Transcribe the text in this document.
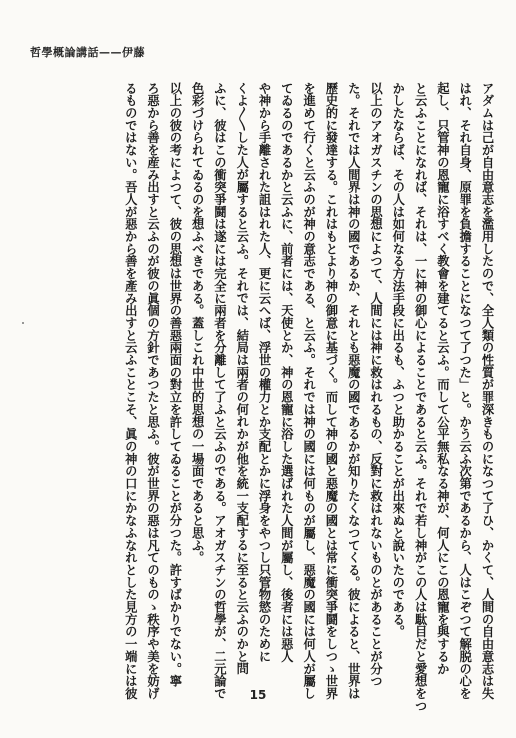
哲學概論講話——伊藤
アダムは己が自由意志を濫用したので、全人類の性質が罪深きものになつて了ひ、かくて、人間の自由意志は失
はれ、それ自身、原罪を負擔することになつて了つた」と。かう云ふ次第であるから、人はこぞつて解脱の心を
起し、只管神の恩寵に浴すべく教會を建てると云ふ。而して公平無私なる神が、何人にこの恩寵を與するか
と云ふことになれば、それは、一に神の御心によることであると云ふ。それで若し神がこの人は駄目だと愛想をつ
かしたならば、その人は如何なる方法手段に出るも、ふつと助かることが出來ぬと說いたのである。
以上のアオガスチンの思想によつて、人間には神に救はれるもの、反對に救はれないものとがあることが分つ
た。それでは人間界は神の國であるか、それとも惡魔の國であるかが知りたくなつてくる。彼によると、世界は
歷史的に發達する。これはもとより神の御意に基づく。而して神の國と惡魔の國とは常に衝突爭鬪をしつゝ世界
を進めて行くと云ふのが神の意志である、と云ふ。それでは神の國には何ものが屬し、惡魔の國には何人が屬し
てゐるのであるかと云ふに、前者には、天使とか、神の恩寵に浴した選ばれた人間が屬し、後者には惡人
や神から手離された詛はれた人、更に云へば、浮世の權力とか支配とかに浮身をやつし只管物慾のために
くよ〳〵した人が屬すると云ふ。それでは、結局は兩者の何れかが他を統一支配するに至ると云ふのかと問
ふに、彼はこの衝突爭鬪は遂には完全に兩者を分離して了ふと云ふのである。アオガスチンの哲學が、二元論で
色彩づけられてゐるのを想ふべきである。蓋しこれ中世的思想の一場面であると思ふ。
以上の彼の考によつて、彼の思想は世界の善惡兩面の對立を許してゐることが分つた。許すばかりでない。寧
ろ惡から善を産み出すと云ふのが彼の眞個の方針であつたと思ふ。彼が世界の惡は凡てのものゝ秩序や美を妨げ
るものではない。吾人が惡から善を產み出すと云ふことこそ、眞の神の口にかなふなれとした見方の一端には彼	15
